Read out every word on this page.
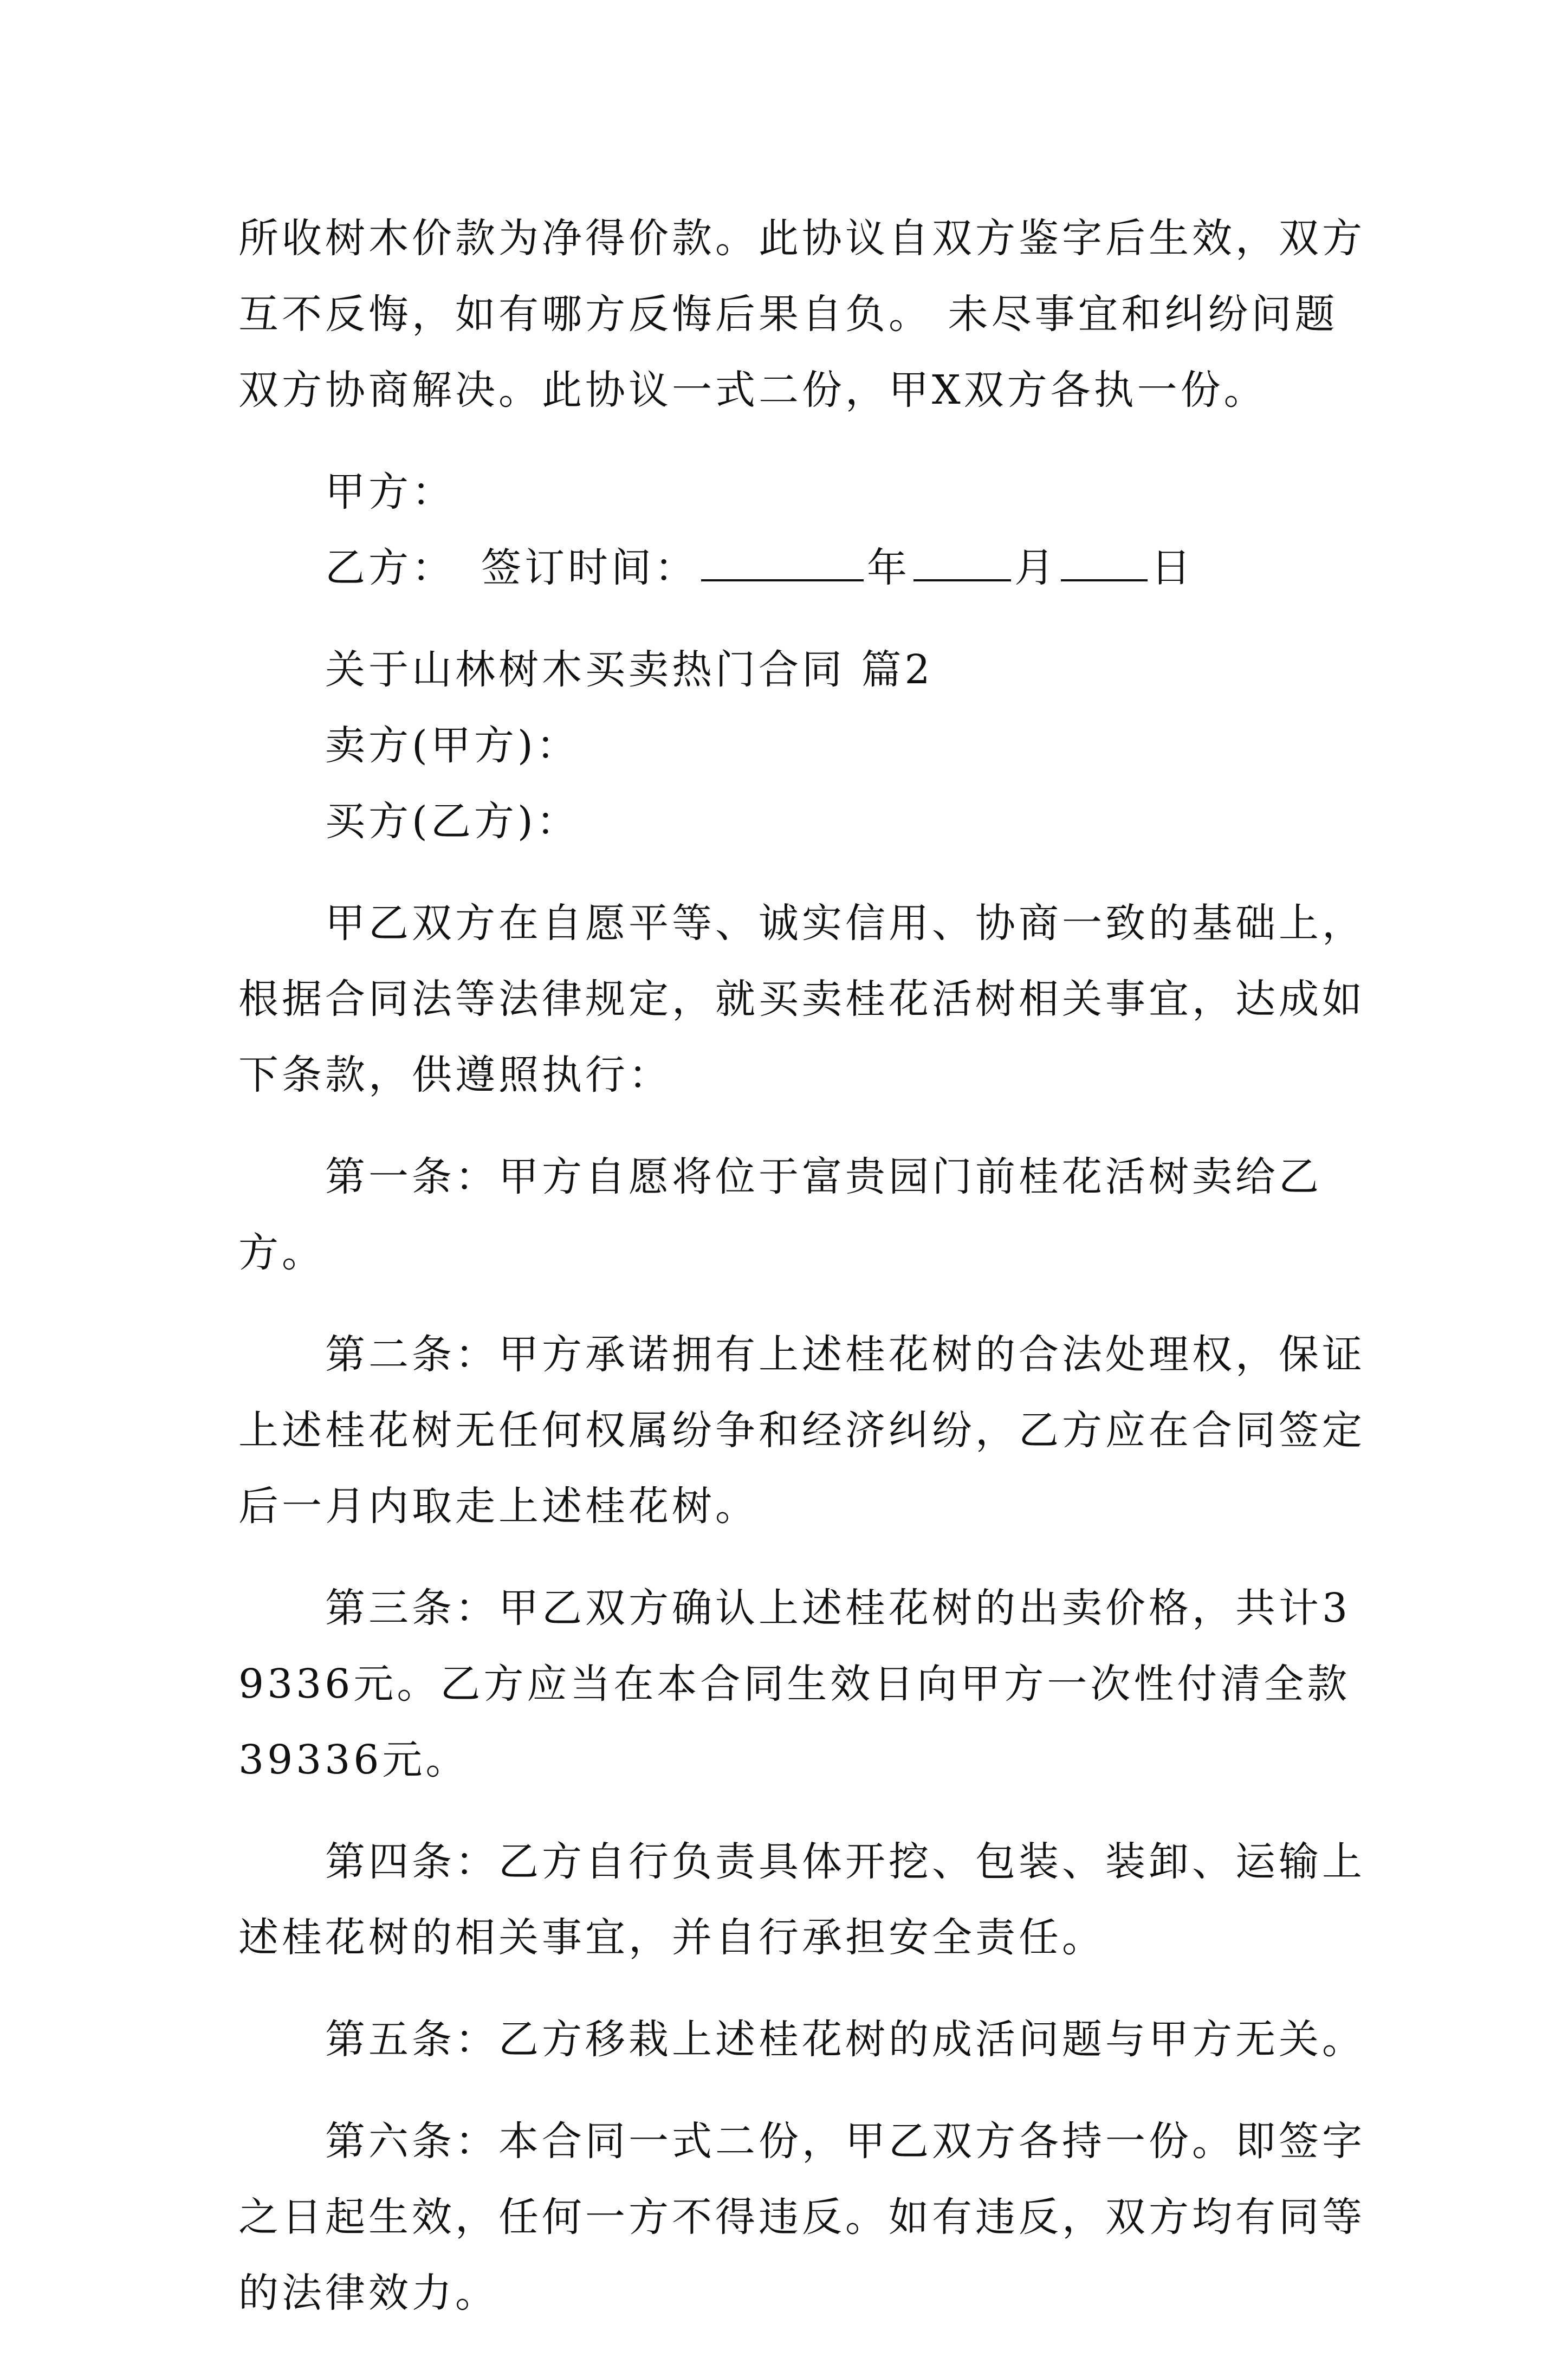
所收树木价款为净得价款。此协议自双方鉴字后生效，双方互不反悔，如有哪方反悔后果自负。 未尽事宜和纠纷问题双方协商解决。此协议一式二份，甲X双方各执一份。

甲方：

乙方： 签订时间：	年	月 日

关于山林树木买卖热门合同 篇2

卖方(甲方)：

买方(乙方)：

甲乙双方在自愿平等、诚实信用、协商一致的基础上，根据合同法等法律规定，就买卖桂花活树相关事宜，达成如下条款，供遵照执行：

第一条：甲方自愿将位于富贵园门前桂花活树卖给乙方。

第二条：甲方承诺拥有上述桂花树的合法处理权，保证上述桂花树无任何权属纷争和经济纠纷，乙方应在合同签定后一月内取走上述桂花树。

第三条：甲乙双方确认上述桂花树的出卖价格，共计39336元。乙方应当在本合同生效日向甲方一次性付清全款39336元。

第四条：乙方自行负责具体开挖、包装、装卸、运输上述桂花树的相关事宜，并自行承担安全责任。

第五条：乙方移栽上述桂花树的成活问题与甲方无关。

第六条：本合同一式二份，甲乙双方各持一份。即签字之日起生效，任何一方不得违反。如有违反，双方均有同等的法律效力。
